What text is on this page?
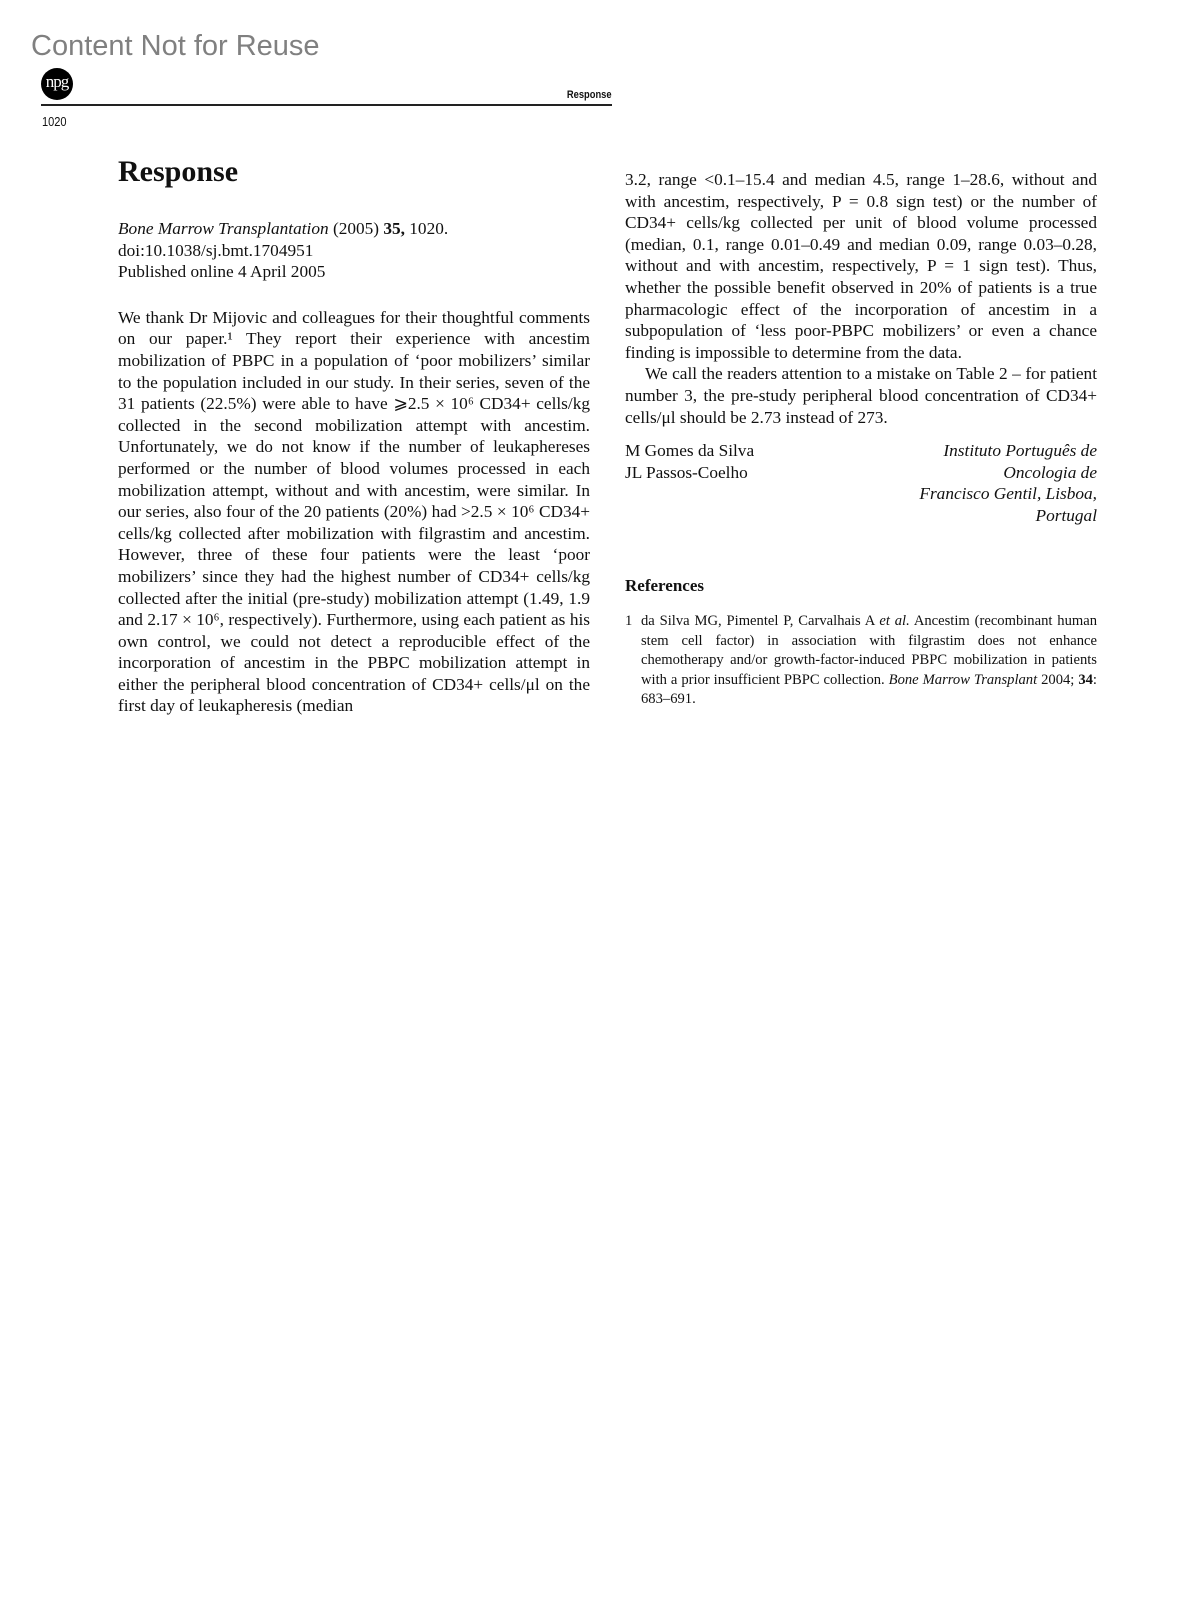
Content Not for Reuse
npg
Response
1020
Response
Bone Marrow Transplantation (2005) 35, 1020.
doi:10.1038/sj.bmt.1704951
Published online 4 April 2005

We thank Dr Mijovic and colleagues for their thoughtful comments on our paper.¹ They report their experience with ancestim mobilization of PBPC in a population of ‘poor mobilizers’ similar to the population included in our study. In their series, seven of the 31 patients (22.5%) were able to have ⩾2.5 × 10⁶ CD34+ cells/kg collected in the second mobilization attempt with ancestim. Unfortunately, we do not know if the number of leukaphereses performed or the number of blood volumes processed in each mobilization attempt, without and with ancestim, were similar. In our series, also four of the 20 patients (20%) had >2.5 × 10⁶ CD34+ cells/kg collected after mobilization with filgrastim and ancestim. However, three of these four patients were the least ‘poor mobilizers’ since they had the highest number of CD34+ cells/kg collected after the initial (pre-study) mobilization attempt (1.49, 1.9 and 2.17 × 10⁶, respectively). Furthermore, using each patient as his own control, we could not detect a reproducible effect of the incorporation of ancestim in the PBPC mobilization attempt in either the peripheral blood concentration of CD34+ cells/μl on the first day of leukapheresis (median

3.2, range <0.1–15.4 and median 4.5, range 1–28.6, without and with ancestim, respectively, P = 0.8 sign test) or the number of CD34+ cells/kg collected per unit of blood volume processed (median, 0.1, range 0.01–0.49 and median 0.09, range 0.03–0.28, without and with ancestim, respectively, P = 1 sign test). Thus, whether the possible benefit observed in 20% of patients is a true pharmacologic effect of the incorporation of ancestim in a subpopulation of ‘less poor-PBPC mobilizers’ or even a chance finding is impossible to determine from the data.

We call the readers attention to a mistake on Table 2 – for patient number 3, the pre-study peripheral blood concentration of CD34+ cells/μl should be 2.73 instead of 273.

M Gomes da Silva
JL Passos-Coelho
Instituto Português de
Oncologia de
Francisco Gentil, Lisboa,
Portugal
References
1 da Silva MG, Pimentel P, Carvalhais A et al. Ancestim (recombinant human stem cell factor) in association with filgrastim does not enhance chemotherapy and/or growth-factor-induced PBPC mobilization in patients with a prior insufficient PBPC collection. Bone Marrow Transplant 2004; 34: 683–691.
